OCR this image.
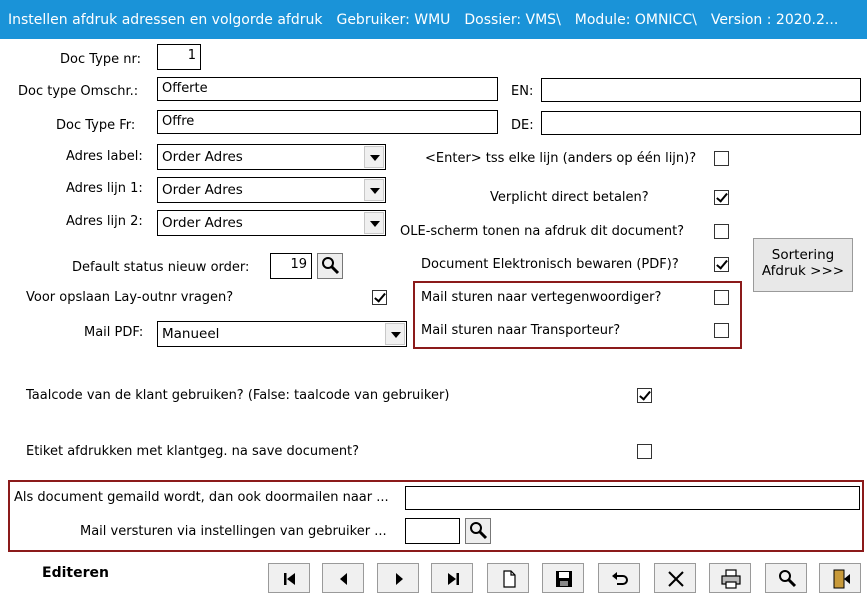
Instellen afdruk adressen en volgorde afdruk Gebruiker: WMU Dossier: VMS\ Module: OMNICC\ Version : 2020.2...
Doc Type nr:	1
Doc type Omschr.:	Offerte	EN:
Doc Type Fr:	Offre	DE:
Adres label:	Order Adres
Adres lijn 1:	Order Adres
Adres lijn 2:	Order Adres
Default status nieuw order:	19
Voor opslaan Lay-outnr vragen?
Mail PDF:	Manueel
<Enter> tss elke lijn (anders op één lijn)?
Verplicht direct betalen?
OLE-scherm tonen na afdruk dit document?
Document Elektronisch bewaren (PDF)?
Sortering
Afdruk >>>
Mail sturen naar vertegenwoordiger?
Mail sturen naar Transporteur?
Taalcode van de klant gebruiken? (False: taalcode van gebruiker)
Etiket afdrukken met klantgeg. na save document?
Als document gemaild wordt, dan ook doormailen naar ...
Mail versturen via instellingen van gebruiker ...
Editeren
